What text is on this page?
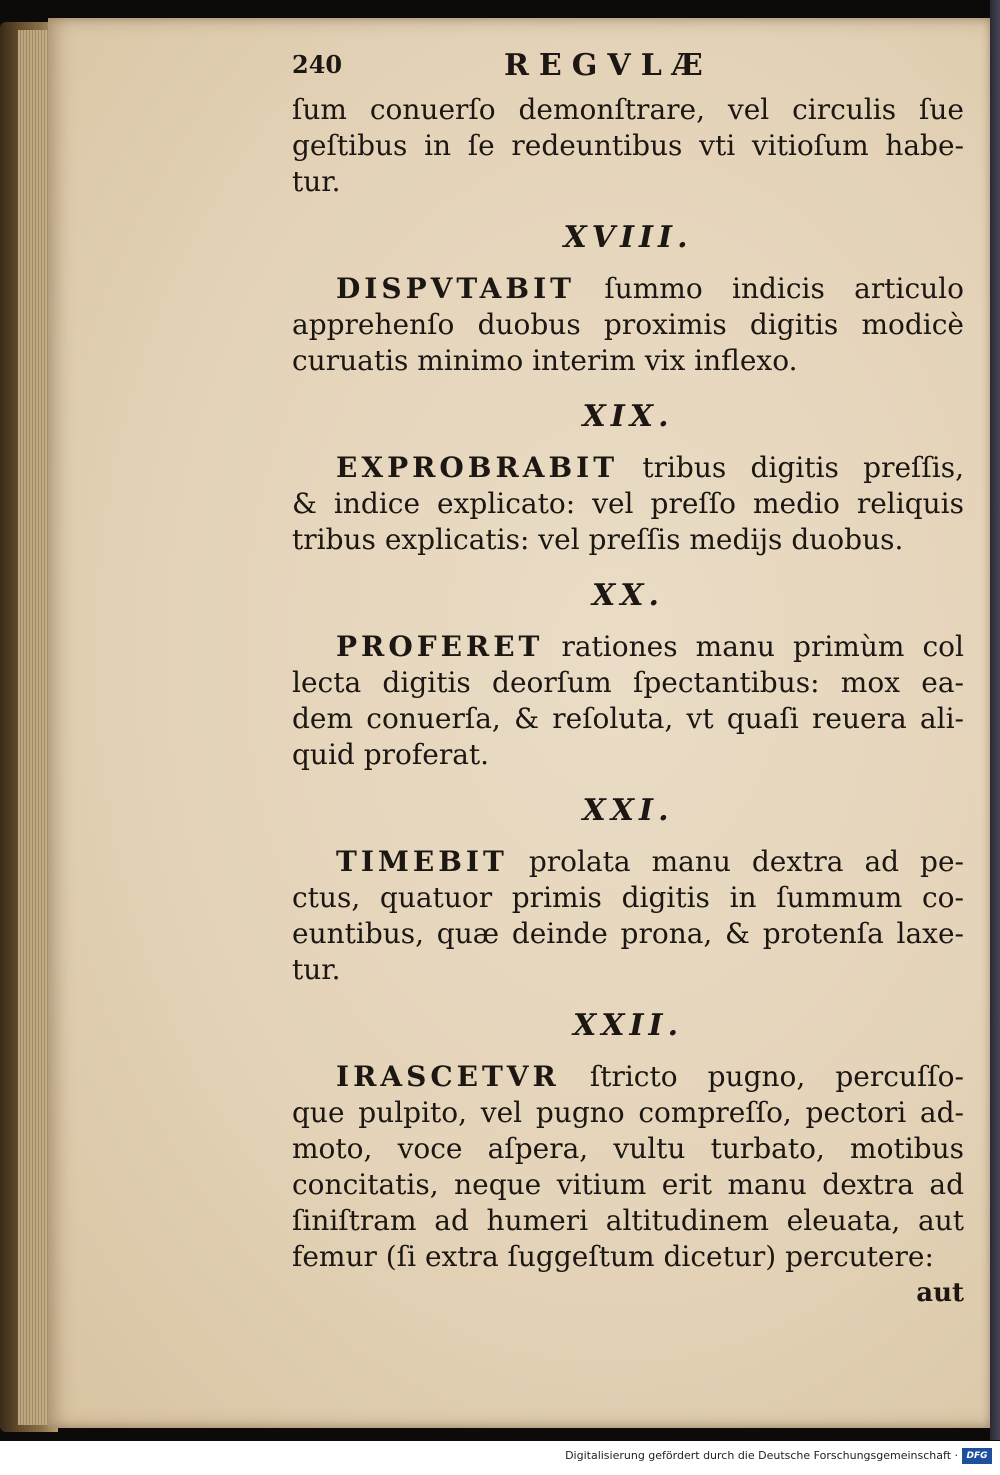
240	REGVLÆ
ſum conuerſo demonſtrare, vel circulis ſue
geſtibus in ſe redeuntibus vti vitioſum habe-
tur.
XVIII.
DISPVTABIT ſummo indicis articulo
apprehenſo duobus proximis digitis modicè
curuatis minimo interim vix inflexo.
XIX.
EXPROBRABIT tribus digitis preſſis,
& indice explicato: vel preſſo medio reliquis
tribus explicatis: vel preſſis medijs duobus.
XX.
PROFERET rationes manu primùm col
lecta digitis deorſum ſpectantibus: mox ea-
dem conuerſa, & reſoluta, vt quaſi reuera ali-
quid proferat.
XXI.
TIMEBIT prolata manu dextra ad pe-
ctus, quatuor primis digitis in ſummum co-
euntibus, quæ deinde prona, & protenſa laxe-
tur.
XXII.
IRASCETVR ſtricto pugno, percuſſo-
que pulpito, vel pugno compreſſo, pectori ad-
moto, voce aſpera, vultu turbato, motibus
concitatis, neque vitium erit manu dextra ad
ſiniſtram ad humeri altitudinem eleuata, aut
femur (ſi extra ſuggeſtum dicetur) percutere:
aut
Digitalisierung gefördert durch die Deutsche Forschungsgemeinschaft · DFG
